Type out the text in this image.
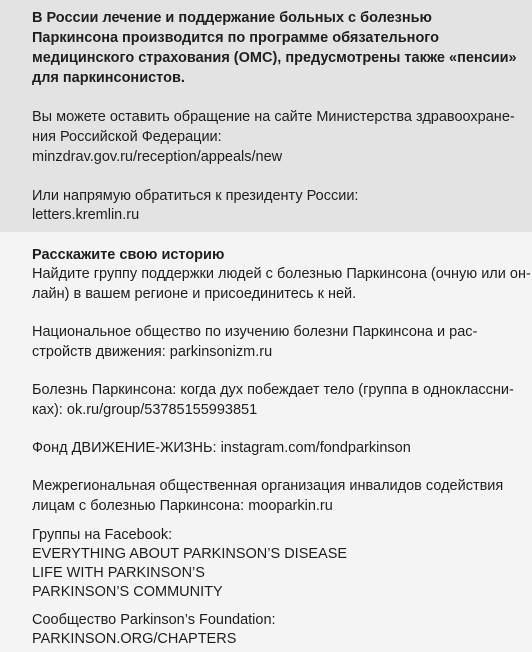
В России лечение и поддержание больных с болезнью

Паркинсона производится по программе обязательного

медицинского страхования (ОМС), предусмотрены также «пенсии»

для паркинсонистов.

Вы можете оставить обращение на сайте Министерства здравоохране-

ния Российской Федерации:

minzdrav.gov.ru/reception/appeals/new

Или напрямую обратиться к президенту России:

letters.kremlin.ru

Расскажите свою историю

Найдите группу поддержки людей с болезнью Паркинсона (очную или он-

лайн) в вашем регионе и присоединитесь к ней.

Национальное общество по изучению болезни Паркинсона и рас-

стройств движения: parkinsonizm.ru

Болезнь Паркинсона: когда дух побеждает тело (группа в одноклассни-

ках): ok.ru/group/53785155993851

Фонд ДВИЖЕНИЕ-ЖИЗНЬ: instagram.com/fondparkinson

Межрегиональная общественная организация инвалидов содействия

лицам с болезнью Паркинсона: mooparkin.ru

Группы на Facebook:

EVERYTHING ABOUT PARKINSON’S DISEASE
LIFE WITH PARKINSON’S
PARKINSON’S COMMUNITY

Сообщество Parkinson’s Foundation:

PARKINSON.ORG/CHAPTERS
